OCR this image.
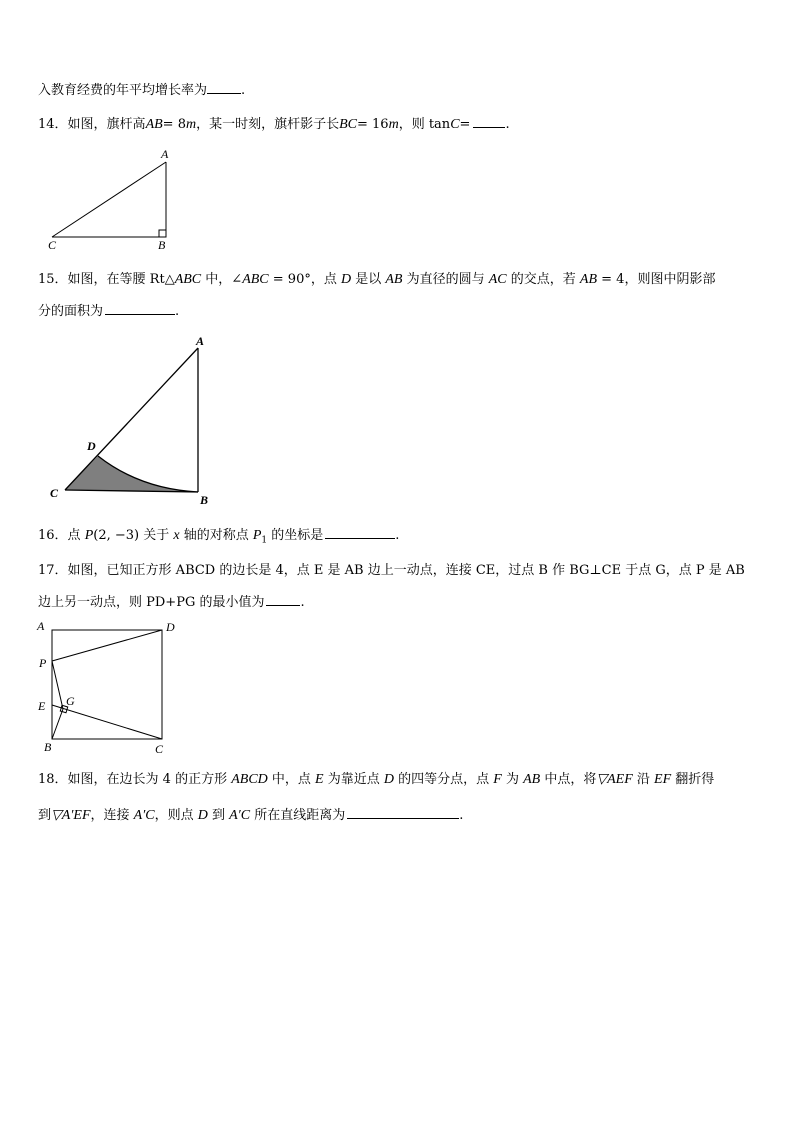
入教育经费的年平均增长率为	.
14．如图，旗杆高AB= 8m，某一时刻，旗杆影子长BC= 16m，则 tanC=	.
A
B
C
15．如图，在等腰 Rt△ABC 中，∠ABC = 90°，点 D 是以 AB 为直径的圆与 AC 的交点，若 AB = 4，则图中阴影部
分的面积为	.
A
B
C
D
16．点 P(2, −3) 关于 x 轴的对称点 $P_1$ 的坐标是	.
17．如图，已知正方形 ABCD 的边长是 4，点 E 是 AB 边上一动点，连接 CE，过点 B 作 BG⊥CE 于点 G，点 P 是 AB
边上另一动点，则 PD+PG 的最小值为	.
A	D
P
E G
B	C
18．如图，在边长为 4 的正方形 ABCD 中，点 E 为靠近点 D 的四等分点，点 F 为 AB 中点，将▽AEF 沿 EF 翻折得
到▽A′EF，连接 A′C，则点 D 到 A′C 所在直线距离为	.
